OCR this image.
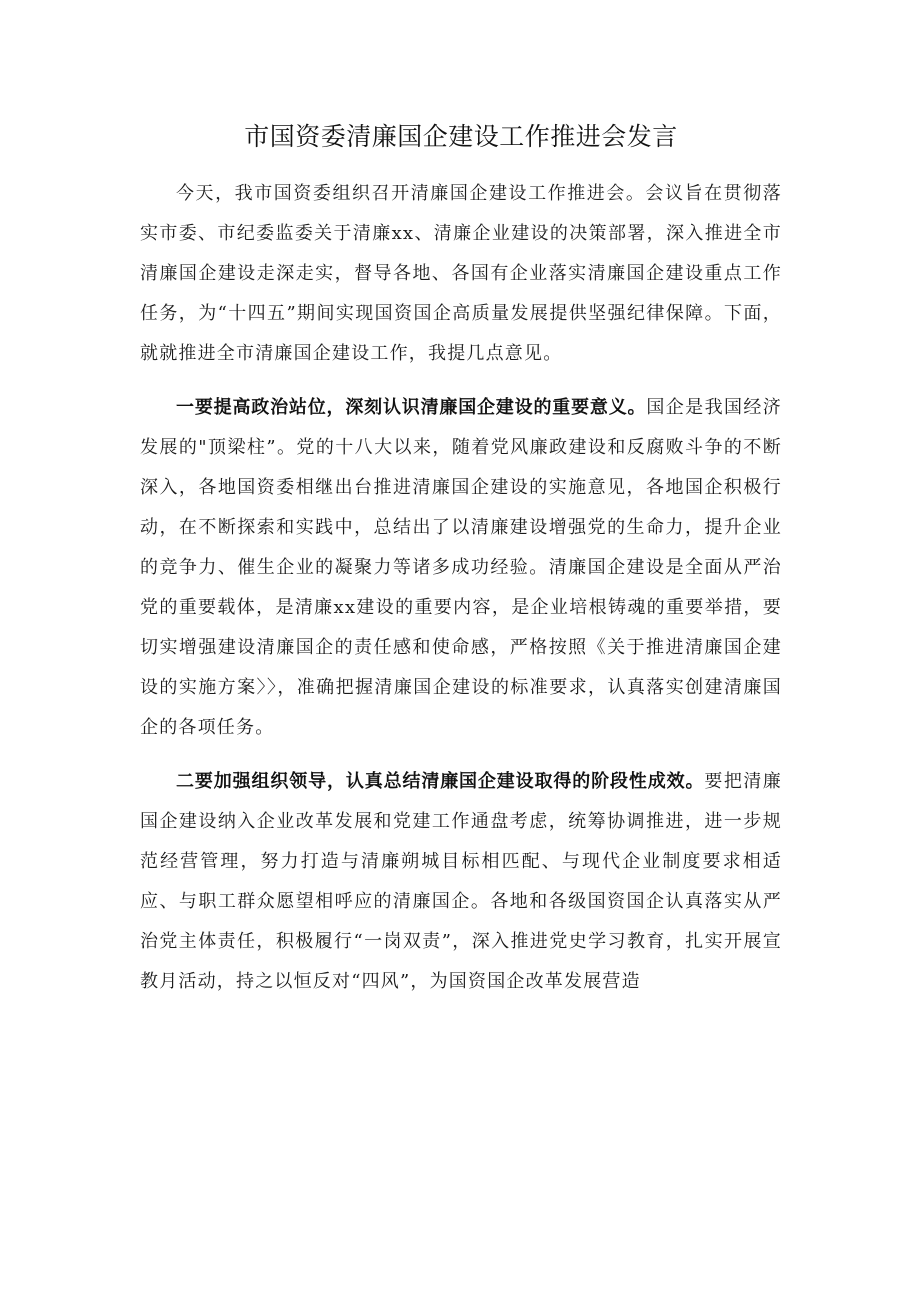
市国资委清廉国企建设工作推进会发言

今天，我市国资委组织召开清廉国企建设工作推进会。会议旨在贯彻落实市委、市纪委监委关于清廉xx、清廉企业建设的决策部署，深入推进全市清廉国企建设走深走实，督导各地、各国有企业落实清廉国企建设重点工作任务，为“十四五”期间实现国资国企高质量发展提供坚强纪律保障。下面，就就推进全市清廉国企建设工作，我提几点意见。

一要提高政治站位，深刻认识清廉国企建设的重要意义。国企是我国经济发展的"顶梁柱”。党的十八大以来，随着党风廉政建设和反腐败斗争的不断深入，各地国资委相继出台推进清廉国企建设的实施意见，各地国企积极行动，在不断探索和实践中，总结出了以清廉建设增强党的生命力，提升企业的竞争力、催生企业的凝聚力等诸多成功经验。清廉国企建设是全面从严治党的重要载体，是清廉xx建设的重要内容，是企业培根铸魂的重要举措，要切实增强建设清廉国企的责任感和使命感，严格按照《关于推进清廉国企建设的实施方案〉〉，准确把握清廉国企建设的标准要求，认真落实创建清廉国企的各项任务。

二要加强组织领导，认真总结清廉国企建设取得的阶段性成效。要把清廉国企建设纳入企业改革发展和党建工作通盘考虑，统筹协调推进，进一步规范经营管理，努力打造与清廉朔城目标相匹配、与现代企业制度要求相适应、与职工群众愿望相呼应的清廉国企。各地和各级国资国企认真落实从严治党主体责任，积极履行“一岗双责”，深入推进党史学习教育，扎实开展宣教月活动，持之以恒反对“四风”，为国资国企改革发展营造
